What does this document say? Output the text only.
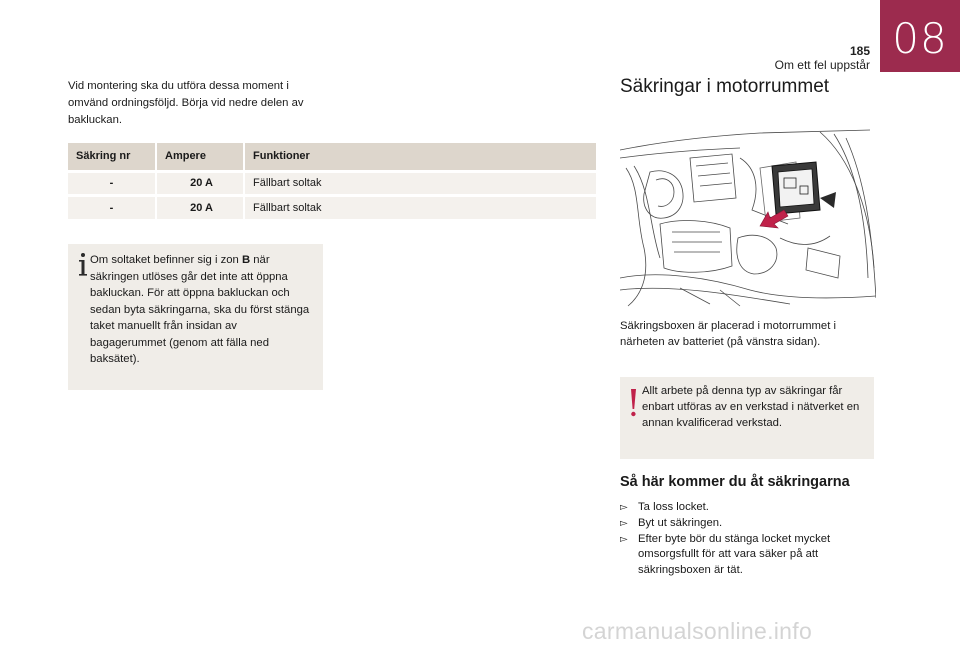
08
185
Om ett fel uppstår

Vid montering ska du utföra dessa moment i omvänd ordningsföljd. Börja vid nedre delen av bakluckan.

Säkring nr	Ampere	Funktioner
-	20 A	Fällbart soltak
-	20 A	Fällbart soltak

Om soltaket befinner sig i zon B när säkringen utlöses går det inte att öppna bakluckan. För att öppna bakluckan och sedan byta säkringarna, ska du först stänga taket manuellt från insidan av bagagerummet (genom att fälla ned baksätet).

Säkringar i motorrummet

Säkringsboxen är placerad i motorrummet i närheten av batteriet (på vänstra sidan).

Allt arbete på denna typ av säkringar får enbart utföras av en verkstad i nätverket en annan kvalificerad verkstad.

Så här kommer du åt säkringarna
▻ Ta loss locket.
▻ Byt ut säkringen.
▻ Efter byte bör du stänga locket mycket omsorgsfullt för att vara säker på att säkringsboxen är tät.
carmanualsonline.info
